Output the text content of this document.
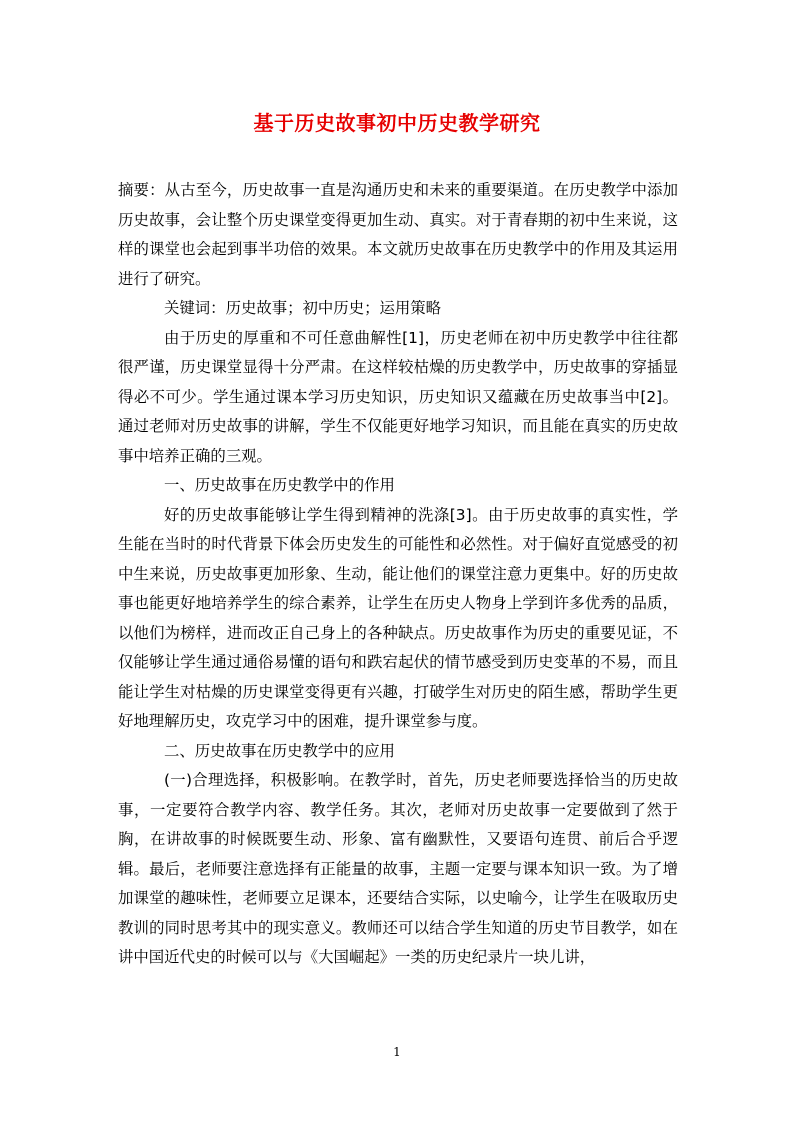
基于历史故事初中历史教学研究

摘要：从古至今，历史故事一直是沟通历史和未来的重要渠道。在历史教学中添加历史故事，会让整个历史课堂变得更加生动、真实。对于青春期的初中生来说，这样的课堂也会起到事半功倍的效果。本文就历史故事在历史教学中的作用及其运用进行了研究。

关键词：历史故事；初中历史；运用策略

由于历史的厚重和不可任意曲解性[1]，历史老师在初中历史教学中往往都很严谨，历史课堂显得十分严肃。在这样较枯燥的历史教学中，历史故事的穿插显得必不可少。学生通过课本学习历史知识，历史知识又蕴藏在历史故事当中[2]。通过老师对历史故事的讲解，学生不仅能更好地学习知识，而且能在真实的历史故事中培养正确的三观。

一、历史故事在历史教学中的作用

好的历史故事能够让学生得到精神的洗涤[3]。由于历史故事的真实性，学生能在当时的时代背景下体会历史发生的可能性和必然性。对于偏好直觉感受的初中生来说，历史故事更加形象、生动，能让他们的课堂注意力更集中。好的历史故事也能更好地培养学生的综合素养，让学生在历史人物身上学到许多优秀的品质，以他们为榜样，进而改正自己身上的各种缺点。历史故事作为历史的重要见证，不仅能够让学生通过通俗易懂的语句和跌宕起伏的情节感受到历史变革的不易，而且能让学生对枯燥的历史课堂变得更有兴趣，打破学生对历史的陌生感，帮助学生更好地理解历史，攻克学习中的困难，提升课堂参与度。

二、历史故事在历史教学中的应用

(一)合理选择，积极影响。在教学时，首先，历史老师要选择恰当的历史故事，一定要符合教学内容、教学任务。其次，老师对历史故事一定要做到了然于胸，在讲故事的时候既要生动、形象、富有幽默性，又要语句连贯、前后合乎逻辑。最后，老师要注意选择有正能量的故事，主题一定要与课本知识一致。为了增加课堂的趣味性，老师要立足课本，还要结合实际，以史喻今，让学生在吸取历史教训的同时思考其中的现实意义。教师还可以结合学生知道的历史节目教学，如在讲中国近代史的时候可以与《大国崛起》一类的历史纪录片一块儿讲，

1
